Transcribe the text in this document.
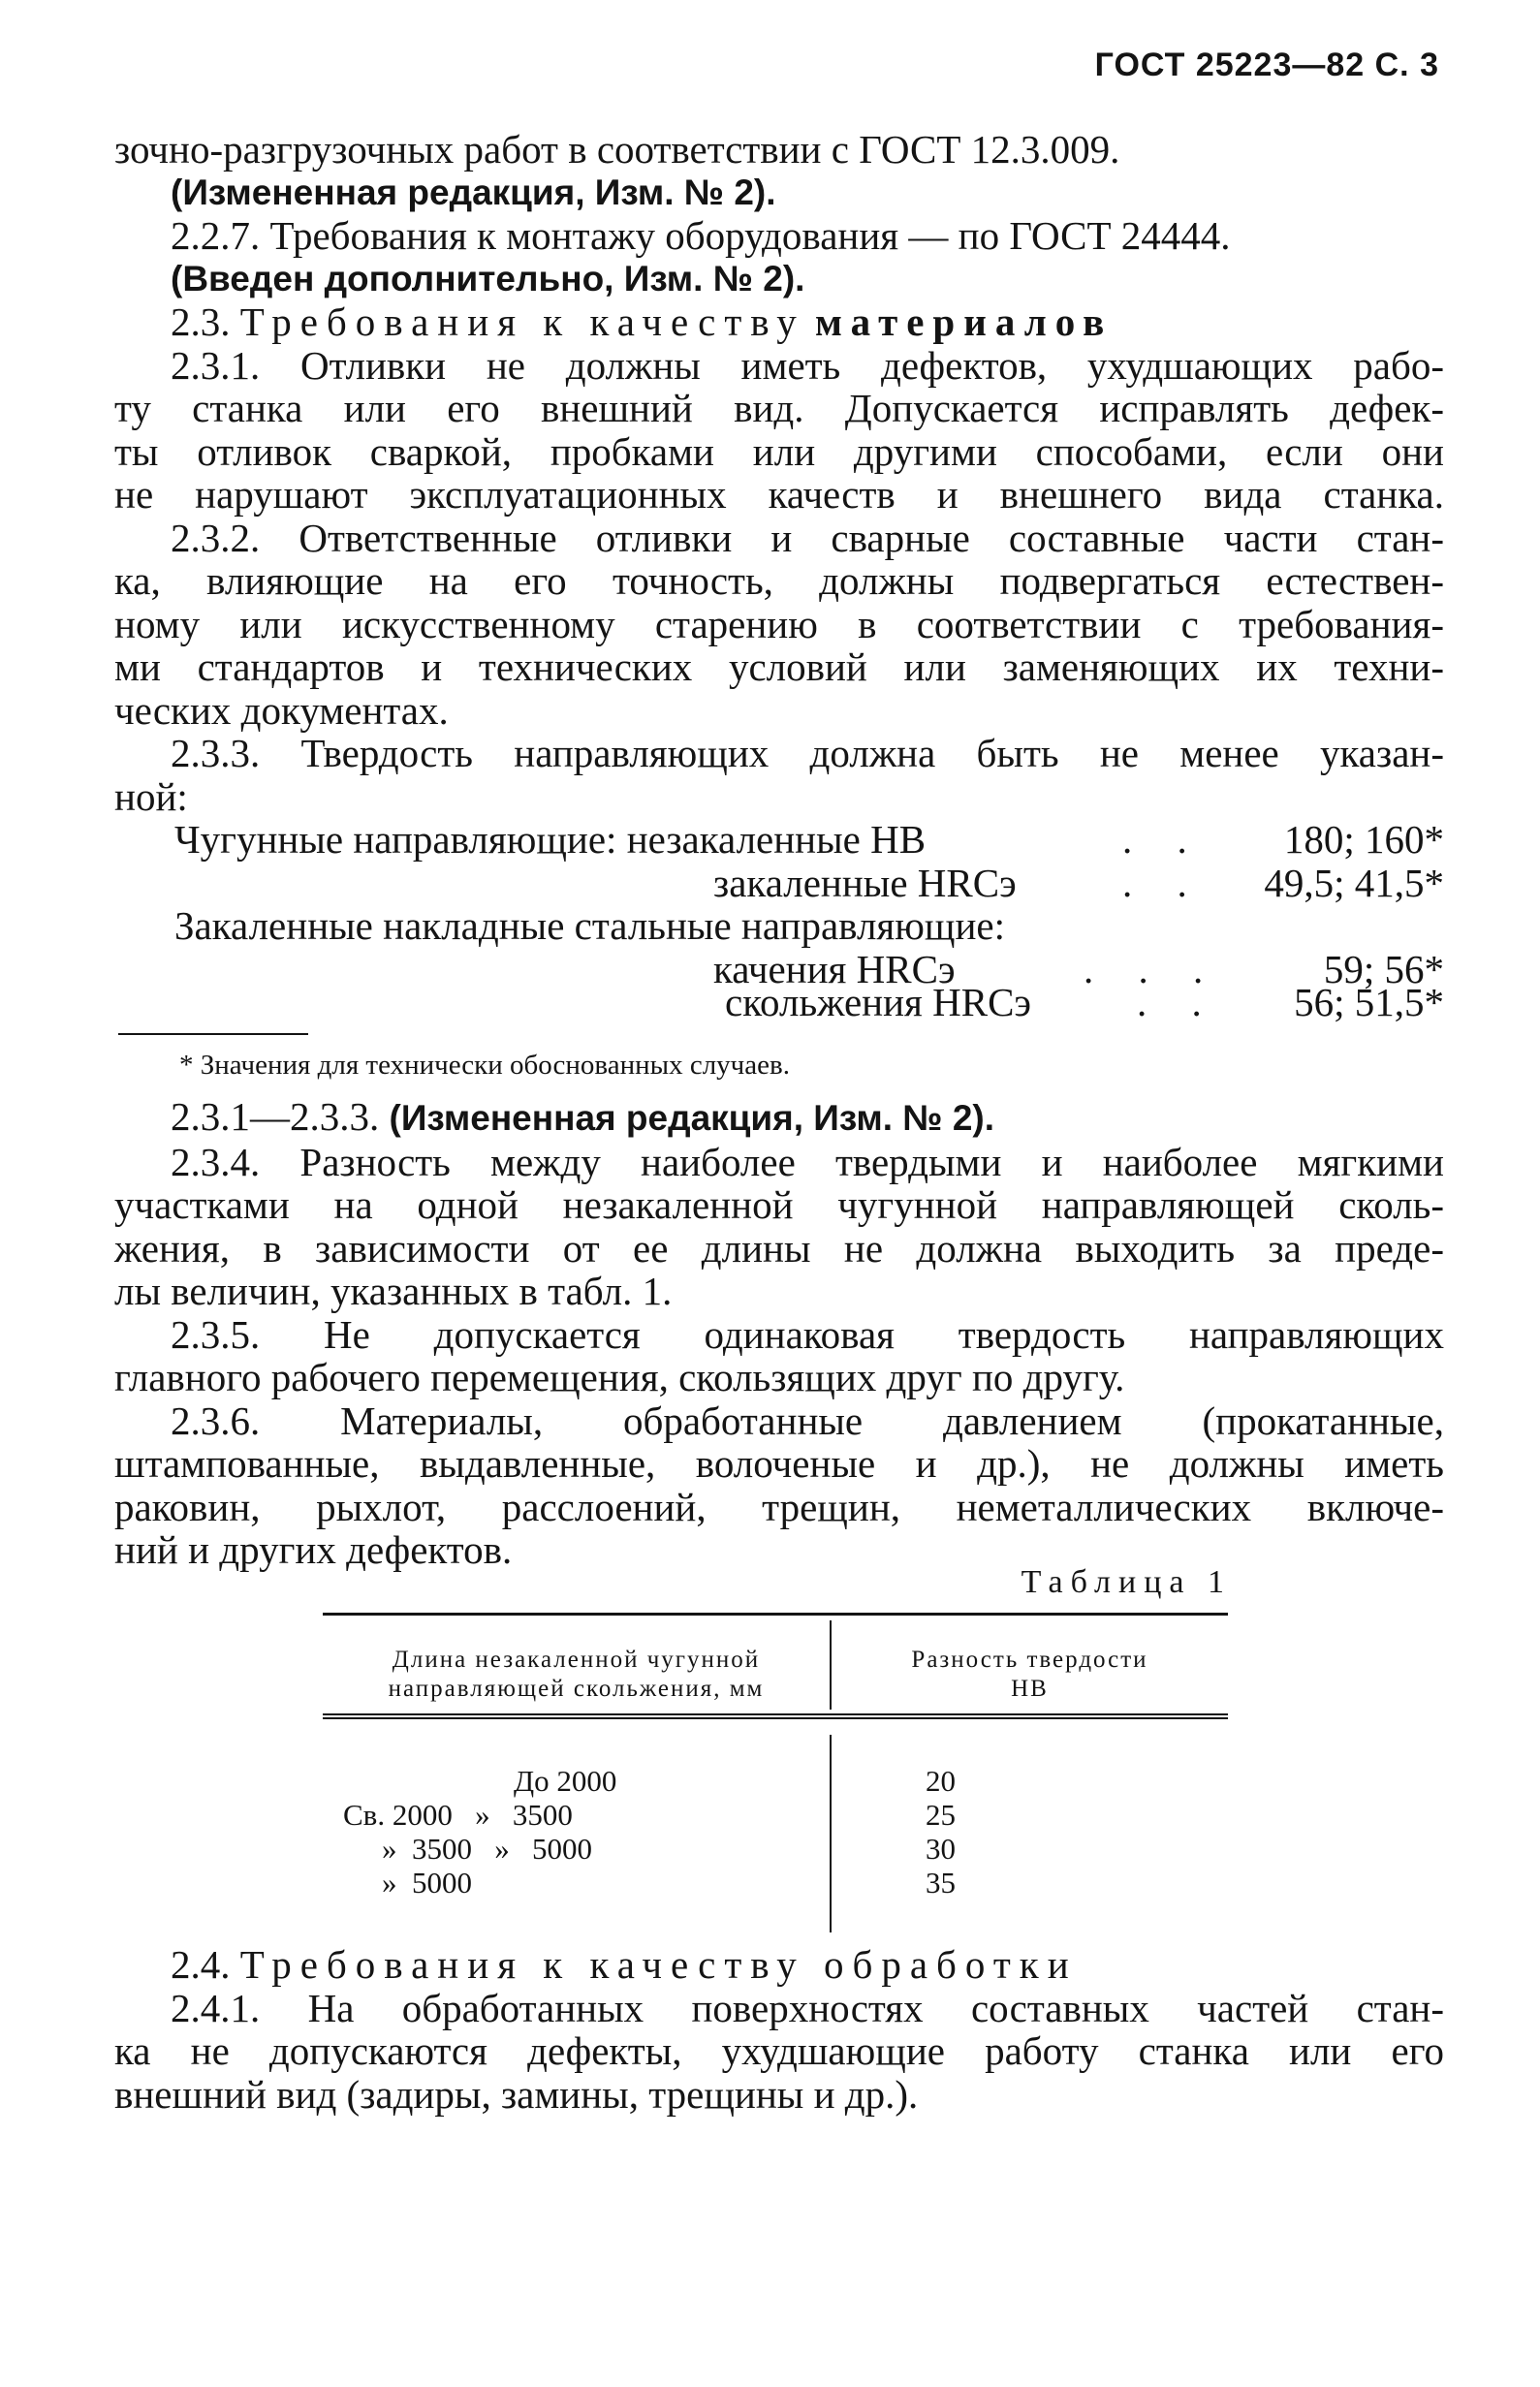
ГОСТ 25223—82 С. 3

зочно-разгрузочных работ в соответствии с ГОСТ 12.3.009.

(Измененная редакция, Изм. № 2).

2.2.7. Требования к монтажу оборудования — по ГОСТ 24444.

(Введен дополнительно, Изм. № 2).

2.3. Требования к качеству материалов

2.3.1. Отливки не должны иметь дефектов, ухудшающих рабо-

ту станка или его внешний вид. Допускается исправлять дефек-

ты отливок сваркой, пробками или другими способами, если они

не нарушают эксплуатационных качеств и внешнего вида станка.

2.3.2. Ответственные отливки и сварные составные части стан-

ка, влияющие на его точность, должны подвергаться естествен-

ному или искусственному старению в соответствии с требования-

ми стандартов и технических условий или заменяющих их техни-

ческих документах.

2.3.3. Твердость направляющих должна быть не менее указан-

ной:

Чугунные направляющие: незакаленные HB	. . 180; 160*
закаленные HRCэ	. . 49,5; 41,5*
Закаленные накладные стальные направляющие:
качения HRCэ	. . .	59; 56*
скольжения HRCэ	. . 56; 51,5*
* Значения для технически обоснованных случаев.

2.3.1—2.3.3. (Измененная редакция, Изм. № 2).

2.3.4. Разность между наиболее твердыми и наиболее мягкими

участками на одной незакаленной чугунной направляющей сколь-

жения, в зависимости от ее длины не должна выходить за преде-

лы величин, указанных в табл. 1.

2.3.5. Не допускается одинаковая твердость направляющих

главного рабочего перемещения, скользящих друг по другу.

2.3.6. Материалы, обработанные давлением (прокатанные,

штампованные, выдавленные, волоченые и др.), не должны иметь

раковин, рыхлот, расслоений, трещин, неметаллических включе-

ний и других дефектов.

Таблица 1
Длина незакаленной чугунной
направляющей скольжения, мм
Разность твердости
HB
До 2000	20
Св. 2000   »   3500	25
»  3500   »   5000	30
»  5000	35

2.4. Требования к качеству обработки

2.4.1. На обработанных поверхностях составных частей стан-

ка не допускаются дефекты, ухудшающие работу станка или его

внешний вид (задиры, замины, трещины и др.).
